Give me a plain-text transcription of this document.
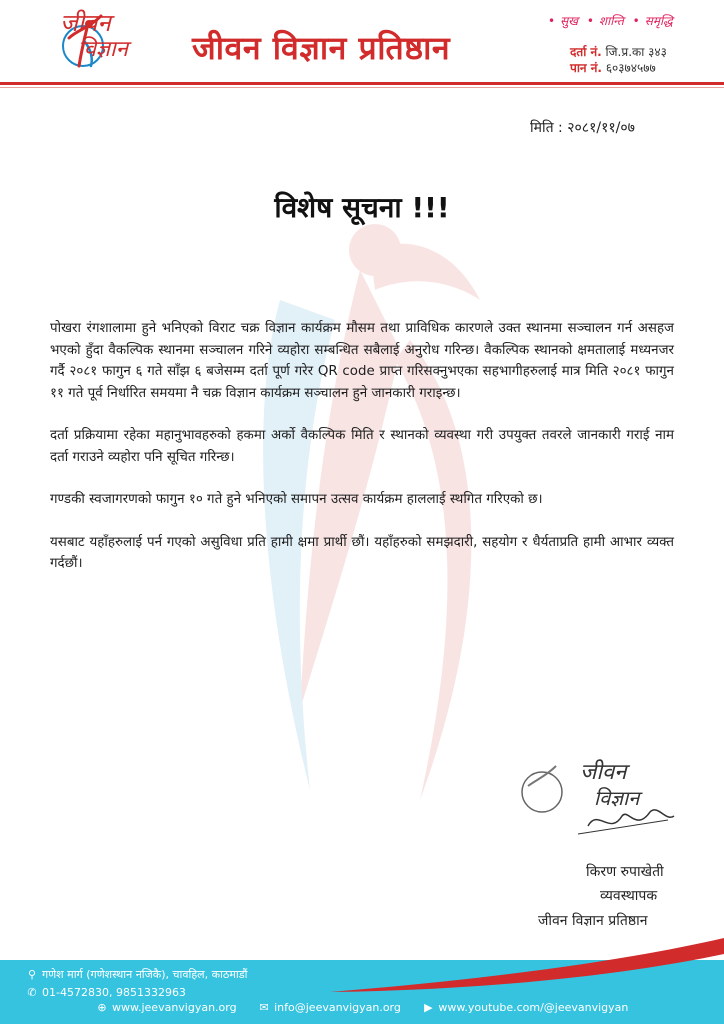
जीवन
विज्ञान जीवन विज्ञान प्रतिष्ठान
• सुख • शान्ति • समृद्धि
दर्ता नं. जि.प्र.का ३४३
पान नं. ६०३७४५७७
मिति : २०८१/११/०७
विशेष सूचना !!!

पोखरा रंगशालामा हुने भनिएको विराट चक्र विज्ञान कार्यक्रम मौसम तथा प्राविधिक कारणले उक्त स्थानमा सञ्चालन गर्न असहज भएको हुँदा वैकल्पिक स्थानमा सञ्चालन गरिने व्यहोरा सम्बन्धित सबैलाई अनुरोध गरिन्छ। वैकल्पिक स्थानको क्षमतालाई मध्यनजर गर्दै २०८१ फागुन ६ गते साँझ ६ बजेसम्म दर्ता पूर्ण गरेर QR code प्राप्त गरिसक्नुभएका सहभागीहरुलाई मात्र मिति २०८१ फागुन ११ गते पूर्व निर्धारित समयमा नै चक्र विज्ञान कार्यक्रम सञ्चालन हुने जानकारी गराइन्छ।

दर्ता प्रक्रियामा रहेका महानुभावहरुको हकमा अर्को वैकल्पिक मिति र स्थानको व्यवस्था गरी उपयुक्त तवरले जानकारी गराई नाम दर्ता गराउने व्यहोरा पनि सूचित गरिन्छ।

गण्डकी स्वजागरणको फागुन १० गते हुने भनिएको समापन उत्सव कार्यक्रम हाललाई स्थगित गरिएको छ।

यसबाट यहाँहरुलाई पर्न गएको असुविधा प्रति हामी क्षमा प्रार्थी छौं। यहाँहरुको समझदारी, सहयोग र धैर्यताप्रति हामी आभार व्यक्त गर्दछौं।

जीवन
विज्ञान
किरण रुपाखेती
व्यवस्थापक
जीवन विज्ञान प्रतिष्ठान
⚲ गणेश मार्ग (गणेशस्थान नजिकै), चावहिल, काठमाडौं
✆ 01-4572830, 9851332963
⊕ www.jeevanvigyan.org ✉ info@jeevanvigyan.org ▶ www.youtube.com/@jeevanvigyan
